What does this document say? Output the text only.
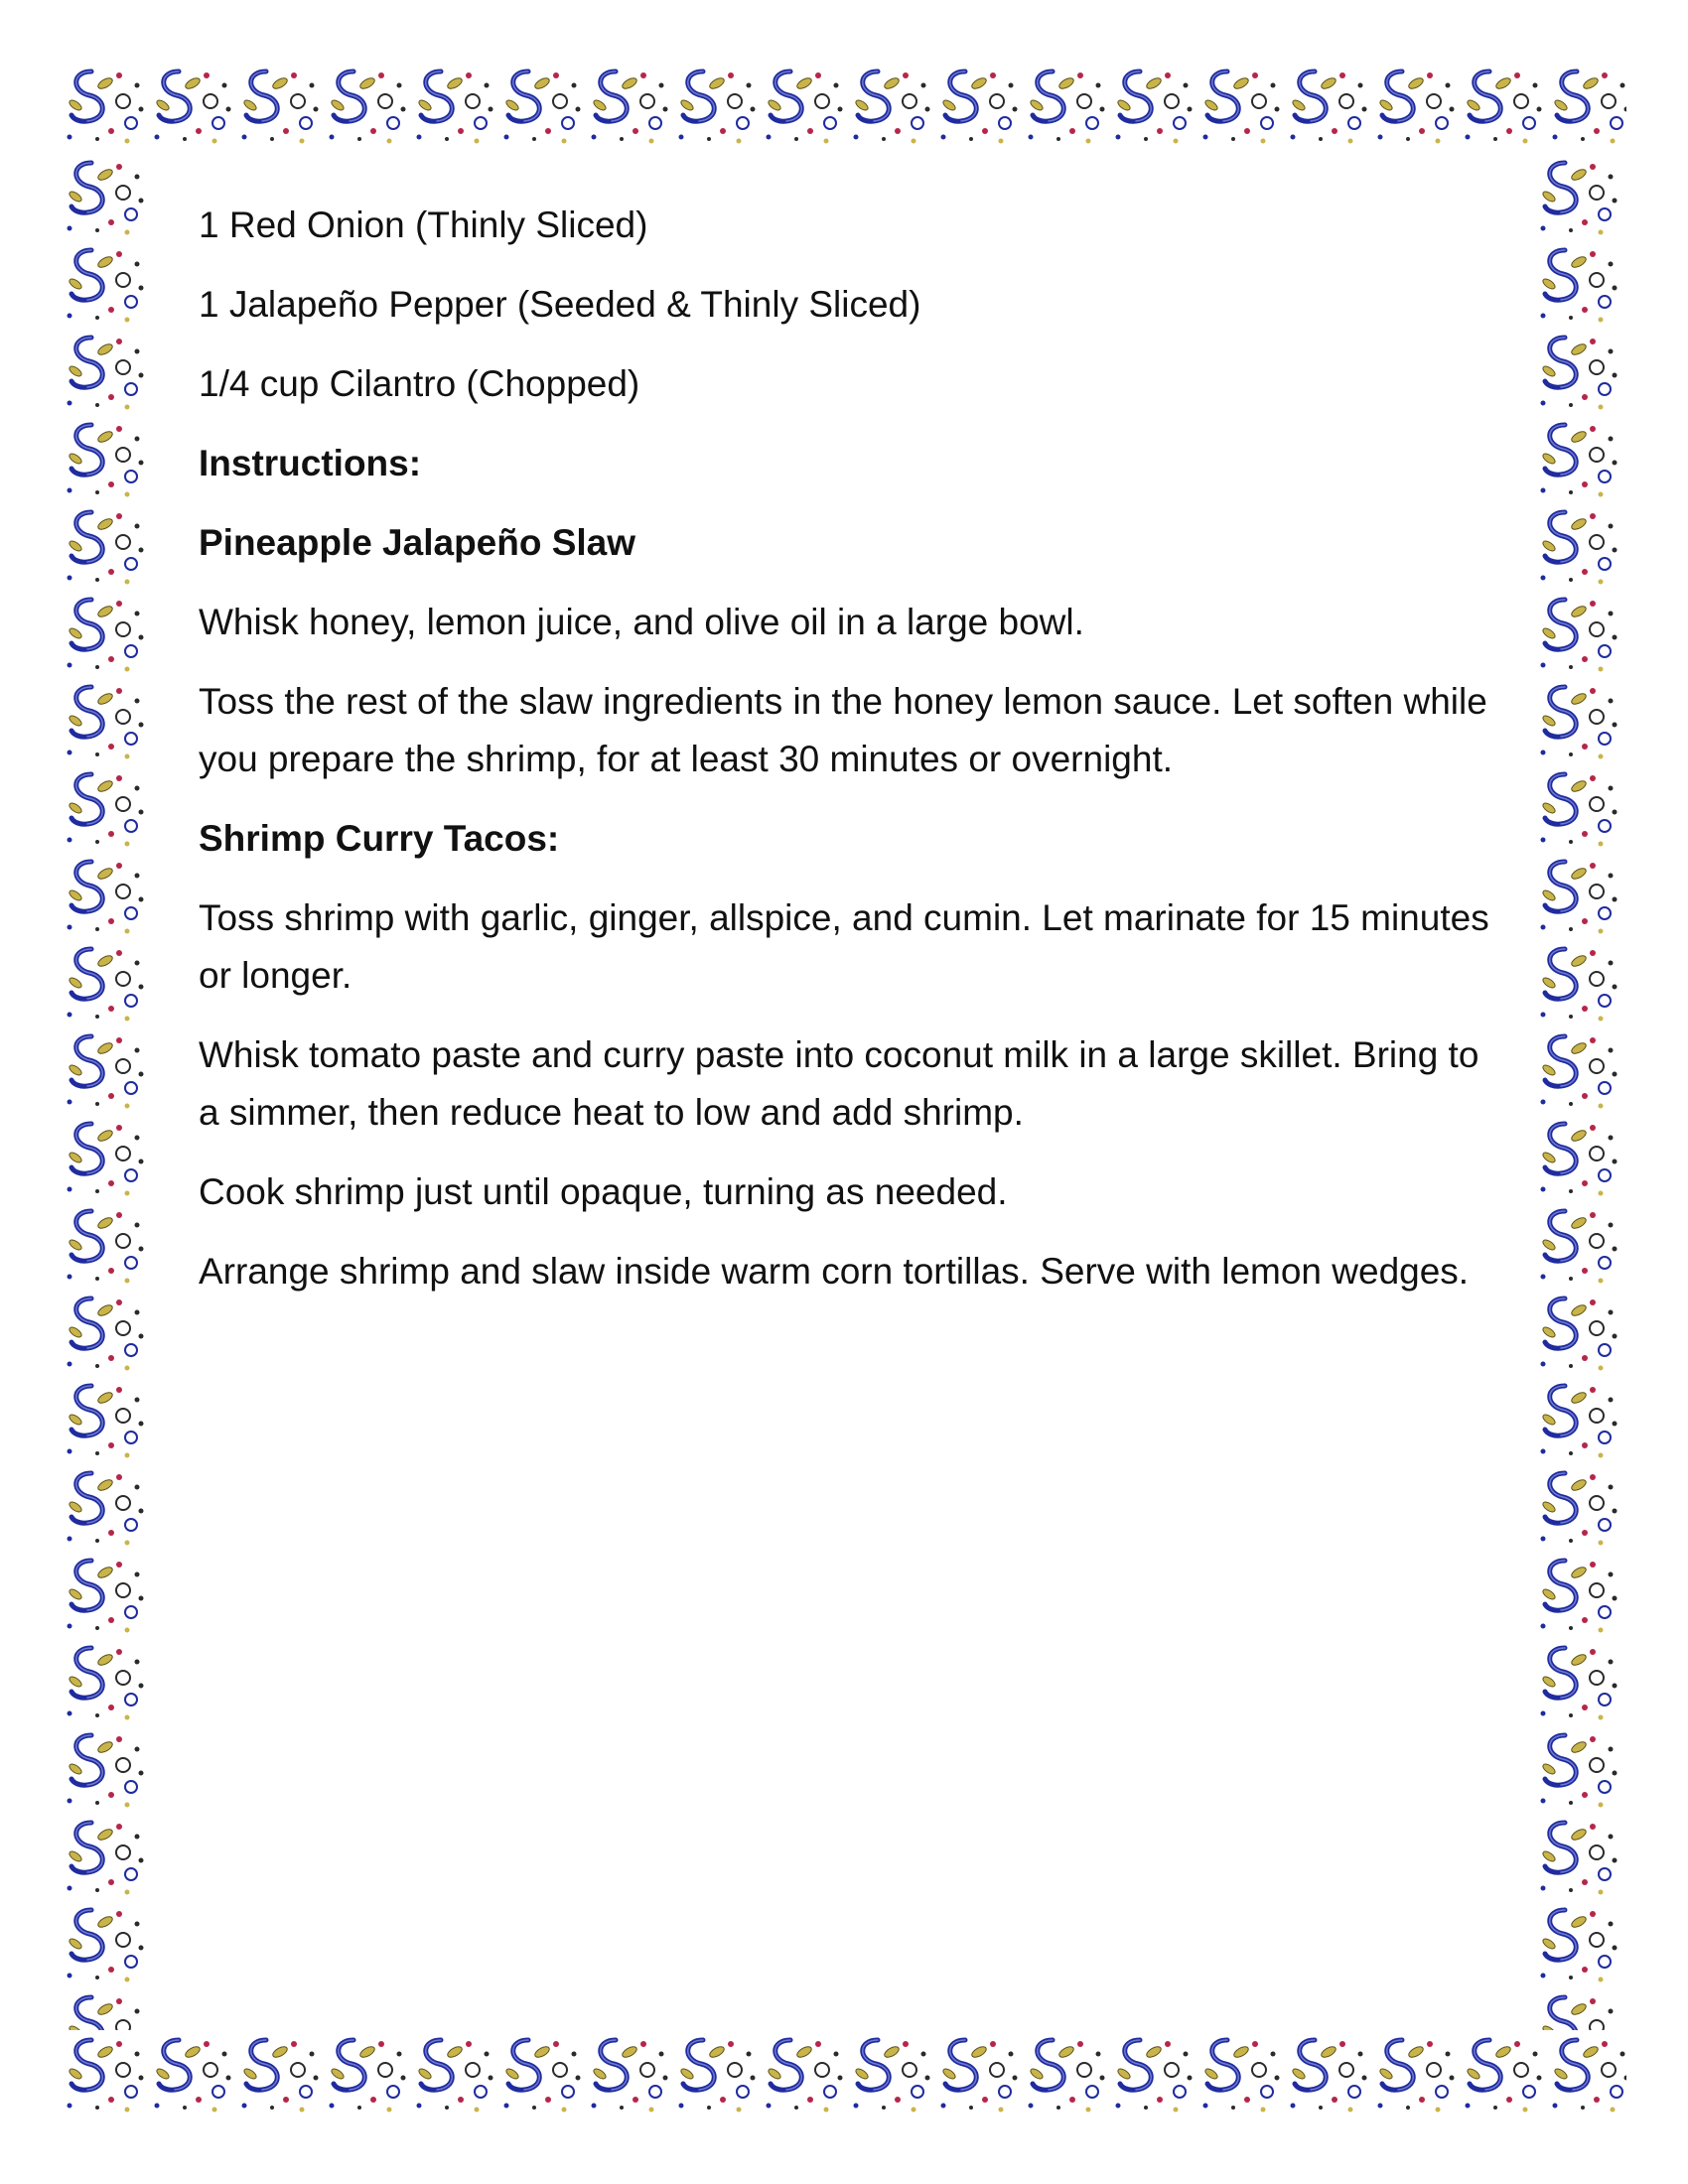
1 Red Onion (Thinly Sliced)

1 Jalapeño Pepper (Seeded & Thinly Sliced)

1/4 cup Cilantro (Chopped)

Instructions:

Pineapple Jalapeño Slaw

Whisk honey, lemon juice, and olive oil in a large bowl.

Toss the rest of the slaw ingredients in the honey lemon sauce. Let soften while you prepare the shrimp, for at least 30 minutes or overnight.

Shrimp Curry Tacos:

Toss shrimp with garlic, ginger, allspice, and cumin. Let marinate for 15 minutes or longer.

Whisk tomato paste and curry paste into coconut milk in a large skillet. Bring to a simmer, then reduce heat to low and add shrimp.

Cook shrimp just until opaque, turning as needed.

Arrange shrimp and slaw inside warm corn tortillas. Serve with lemon wedges.
